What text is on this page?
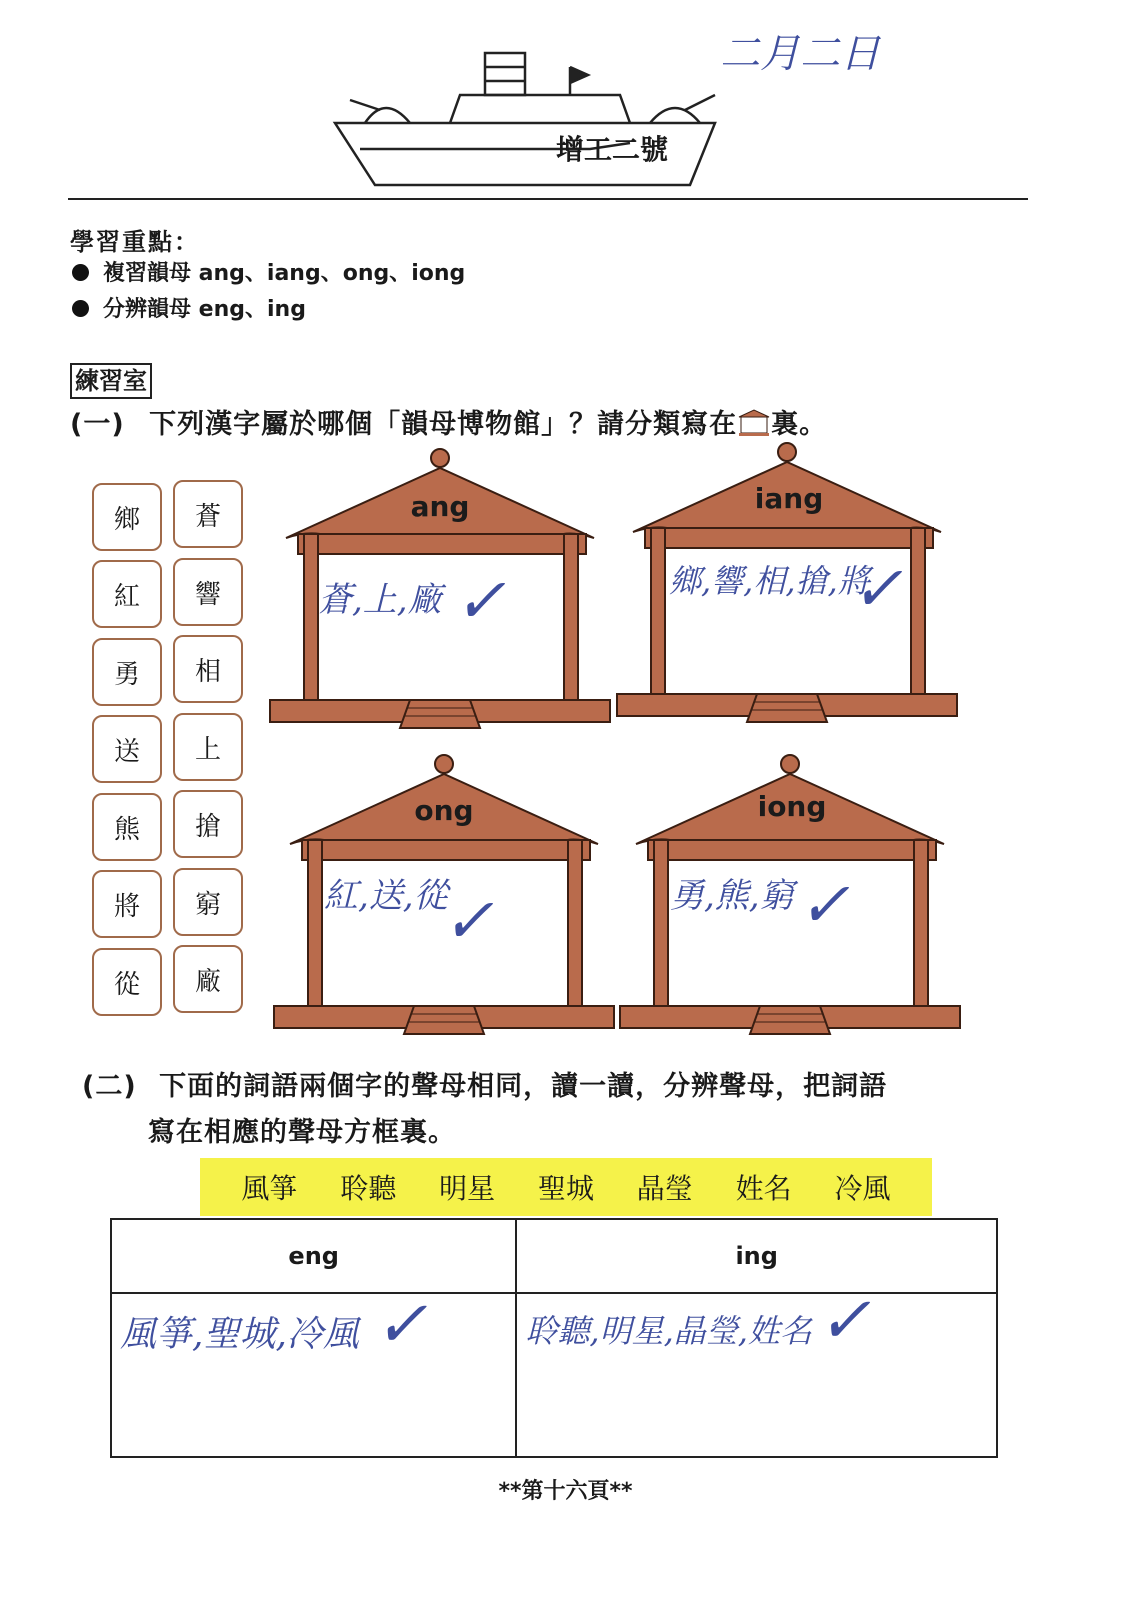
二月二日
增工二號
學習重點：
複習韻母 ang、iang、ong、iong
分辨韻母 eng、ing
練習室
(一) 下列漢字屬於哪個「韻母博物館」？請分類寫在 裏。
鄉	蒼
紅	響
勇	相
送	上
熊	搶
將	窮
從	廠
ang
蒼,上,廠 ✓
iang
鄉,響,相,搶,將
✓
ong
紅,送,從
✓
iong
勇,熊,窮 ✓
(二) 下面的詞語兩個字的聲母相同，讀一讀，分辨聲母，把詞語
寫在相應的聲母方框裏。
風箏 聆聽 明星 聖城 晶瑩 姓名 冷風
eng	ing
風箏,聖城,冷風 ✓	聆聽,明星,晶瑩,姓名 ✓
**第十六頁**
